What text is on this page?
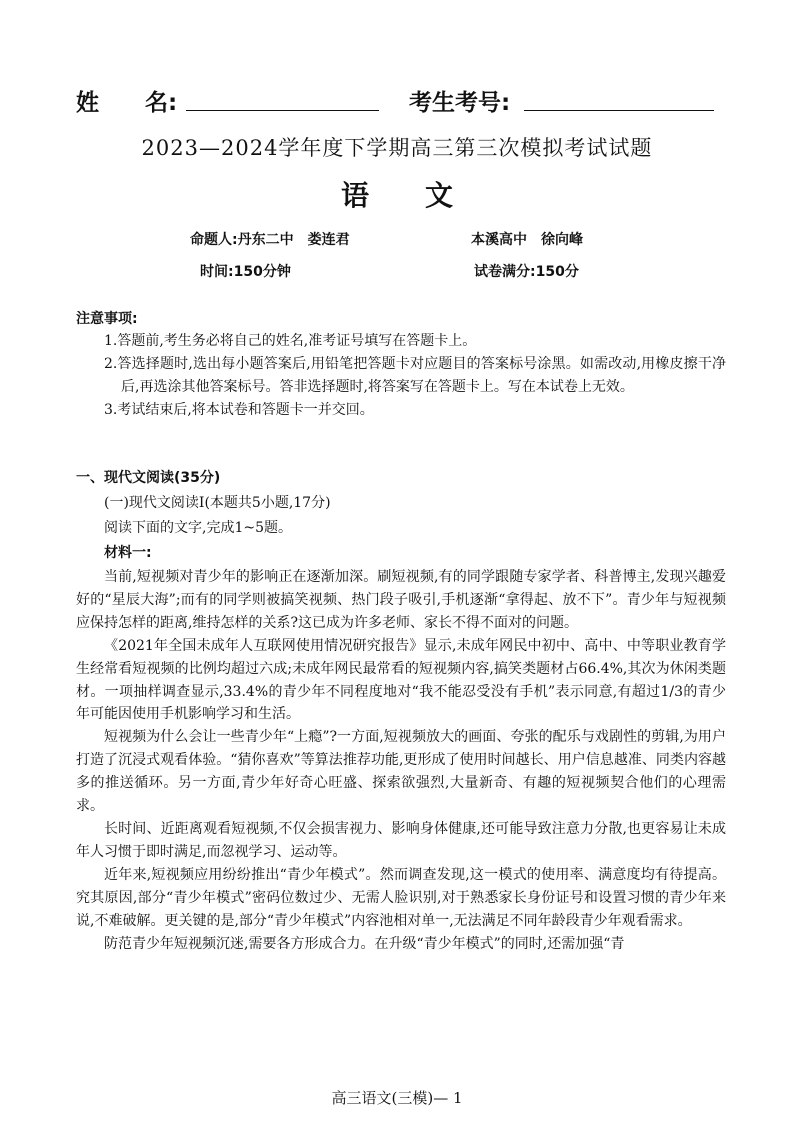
姓　　名:	考生考号:
2023—2024学年度下学期高三第三次模拟考试试题
语　　文
命题人:丹东二中　娄连君	本溪高中　徐向峰
时间:150分钟	试卷满分:150分
注意事项:
1.答题前,考生务必将自己的姓名,准考证号填写在答题卡上。
2.答选择题时,选出每小题答案后,用铅笔把答题卡对应题目的答案标号涂黑。如需改动,用橡皮擦干净后,再选涂其他答案标号。答非选择题时,将答案写在答题卡上。写在本试卷上无效。
3.考试结束后,将本试卷和答题卡一并交回。
一、现代文阅读(35分)
(一)现代文阅读Ⅰ(本题共5小题,17分)
阅读下面的文字,完成1~5题。
材料一:

当前,短视频对青少年的影响正在逐渐加深。刷短视频,有的同学跟随专家学者、科普博主,发现兴趣爱好的“星辰大海”;而有的同学则被搞笑视频、热门段子吸引,手机逐渐“拿得起、放不下”。青少年与短视频应保持怎样的距离,维持怎样的关系?这已成为许多老师、家长不得不面对的问题。

《2021年全国未成年人互联网使用情况研究报告》显示,未成年网民中初中、高中、中等职业教育学生经常看短视频的比例均超过六成;未成年网民最常看的短视频内容,搞笑类题材占66.4%,其次为休闲类题材。一项抽样调查显示,33.4%的青少年不同程度地对“我不能忍受没有手机”表示同意,有超过1/3的青少年可能因使用手机影响学习和生活。

短视频为什么会让一些青少年“上瘾”?一方面,短视频放大的画面、夸张的配乐与戏剧性的剪辑,为用户打造了沉浸式观看体验。“猜你喜欢”等算法推荐功能,更形成了使用时间越长、用户信息越准、同类内容越多的推送循环。另一方面,青少年好奇心旺盛、探索欲强烈,大量新奇、有趣的短视频契合他们的心理需求。

长时间、近距离观看短视频,不仅会损害视力、影响身体健康,还可能导致注意力分散,也更容易让未成年人习惯于即时满足,而忽视学习、运动等。

近年来,短视频应用纷纷推出“青少年模式”。然而调查发现,这一模式的使用率、满意度均有待提高。究其原因,部分“青少年模式”密码位数过少、无需人脸识别,对于熟悉家长身份证号和设置习惯的青少年来说,不难破解。更关键的是,部分“青少年模式”内容池相对单一,无法满足不同年龄段青少年观看需求。

防范青少年短视频沉迷,需要各方形成合力。在升级“青少年模式”的同时,还需加强“青

高三语文(三模)— 1
